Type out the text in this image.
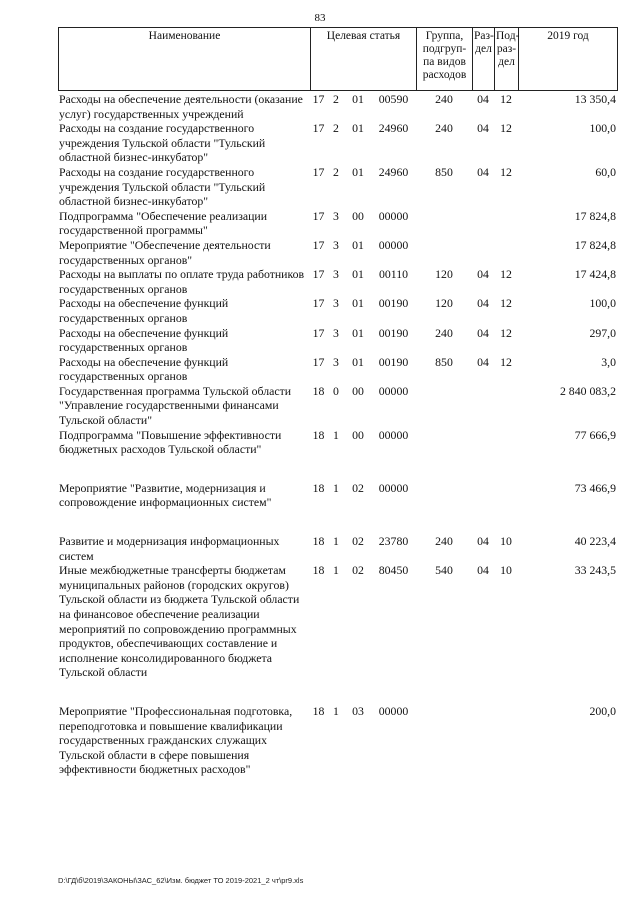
83
Наименование	Целевая статья	Группа, подгруп-па видов расходов	Раз-дел	Под-раз-дел	2019 год
Расходы на обеспечение деятельности (оказание услуг) государственных учреждений	17	2	01	00590	240	04	12	13 350,4
Расходы на создание государственного учреждения Тульской области "Тульский областной бизнес-инкубатор"	17	2	01	24960	240	04	12	100,0
Расходы на создание государственного учреждения Тульской области "Тульский областной бизнес-инкубатор"	17	2	01	24960	850	04	12	60,0
Подпрограмма "Обеспечение реализации государственной программы"	17	3	00	00000				17 824,8
Мероприятие "Обеспечение деятельности государственных органов"	17	3	01	00000				17 824,8
Расходы на выплаты по оплате труда работников государственных органов	17	3	01	00110	120	04	12	17 424,8
Расходы на обеспечение функций государственных органов	17	3	01	00190	120	04	12	100,0
Расходы на обеспечение функций государственных органов	17	3	01	00190	240	04	12	297,0
Расходы на обеспечение функций государственных органов	17	3	01	00190	850	04	12	3,0
Государственная программа Тульской области "Управление государственными финансами Тульской области"	18	0	00	00000				2 840 083,2
Подпрограмма "Повышение эффективности бюджетных расходов Тульской области"	18	1	00	00000				77 666,9
Мероприятие "Развитие, модернизация и сопровождение информационных систем"	18	1	02	00000				73 466,9
Развитие и модернизация информационных систем	18	1	02	23780	240	04	10	40 223,4
Иные межбюджетные трансферты бюджетам муниципальных районов (городских округов) Тульской области из бюджета Тульской области на финансовое обеспечение реализации мероприятий по сопровождению программных продуктов, обеспечивающих составление и исполнение консолидированного бюджета Тульской области	18	1	02	80450	540	04	10	33 243,5
Мероприятие "Профессиональная подготовка, переподготовка и повышение квалификации государственных гражданских служащих Тульской области в сфере повышения эффективности бюджетных расходов"	18	1	03	00000				200,0
D:\ГД\б\2019\ЗАКОНЫ\ЗАС_62\Изм. бюджет ТО 2019-2021_2 чт\pr9.xls
